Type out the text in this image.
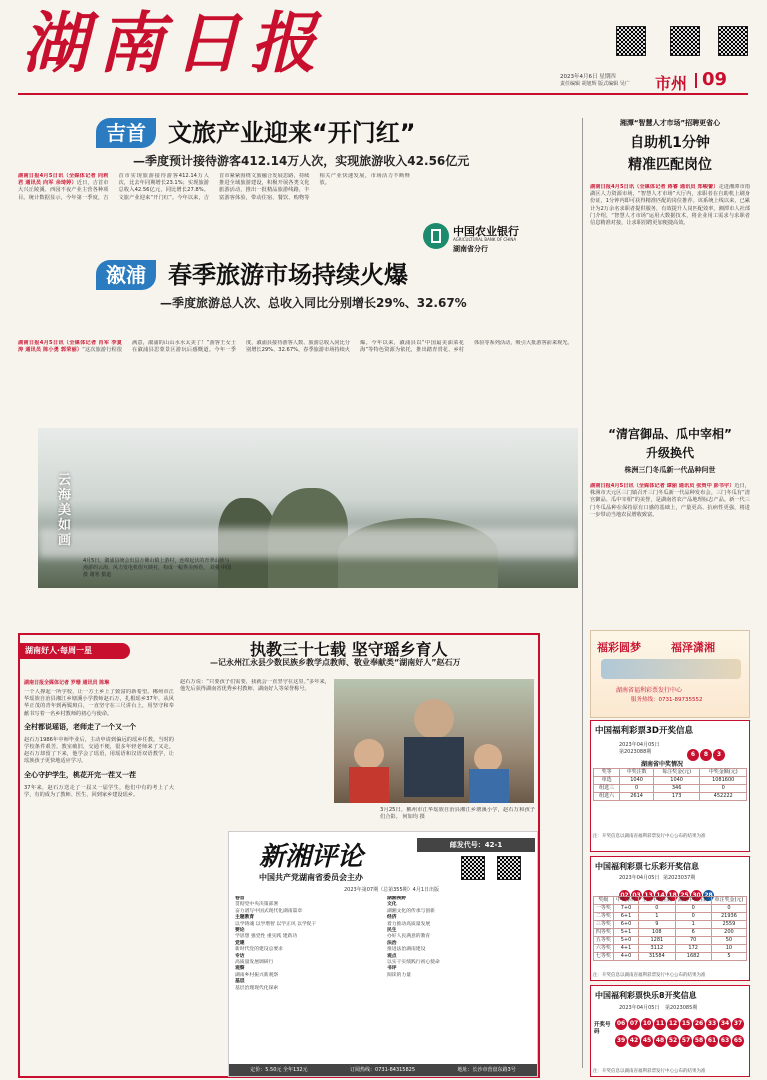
湖南日报	2023年4月6日 星期四
责任编辑 胡旭辉 版式编辑 吴广 市州 09
吉首 文旅产业迎来“开门红”
—季度预计接待游客412.14万人次，实现旅游收入42.56亿元
湖南日报4月5日讯（全媒体记者 向莉君 通讯员 向军 余琦婷）近日，吉首市大兴丘陵溪、西园不夜产业主营各种项目。统计数据显示，今年第一季度，吉首市实现旅游接待游客412.14万人次，比去年同期增长23.1%；实现旅游总收入42.56亿元，同比增长27.8%。文旅产业迎来“开门红”。今年以来，吉首市紧紧围绕文旅融合发展思路，持续推进全域旅游建设，积极开展各类文化旅游活动，推出一批精品旅游线路，丰富游客体验，带动住宿、餐饮、购物等相关产业快速发展，市场活力不断释放。
中国农业银行
AGRICULTURAL BANK OF CHINA
湖南省分行
溆浦 春季旅游市场持续火爆
—季度旅游总人次、总收入同比分别增长29%、32.67%
湖南日报4月5日讯（全媒体记者 肖军 李夏涛 通讯员 陈小勇 郭荣丽）“这次旅游行程很满意，溆浦的山山水水太美了！”游客王女士在溆浦县思蒙景区游玩后感慨道。今年一季度，溆浦县接待游客人数、旅游总收入同比分别增长29%、32.67%，春季旅游市场持续火爆。今年以来，溆浦县以“中国最美油菜花海”等特色资源为依托，推出踏青赏花、乡村体验等系列活动，吸引大批游客前来观光。
云海美如画
4月5日，溆浦县统会出县万佛山镇上游村，连绵起伏的青翠山岭与漫游的云海，风力发电机组互映衬，构成一幅秀美画卷。 刘强 中国摄 谢寒 摄道
湖南好人·每周一星	执教三十七载 坚守瑶乡育人
—记永州江永县少数民族乡教学点教师、敬业奉献类“湖南好人”赵石万
湖南日报全媒体记者 罗珊 通讯员 陈琳

一个人撑起一所学校，让一方土乡上了致富的新希望。郴州市江华瑶族自治县湘江乡塘溪小学教师赵石万，扎根瑶乡37年，从风华正茂的青年到两鬓斑白，一直坚守在三尺讲台上，用坚守和奉献书写着一名乡村教师的初心与使命。

全村都说瑶语，老师走了一个又一个

赵石万1986年中师毕业后，主动申请到偏远的瑶乡任教。当时的学校条件艰苦，教室破旧，交通不便，很多年轻老师来了又走。赵石万却留了下来，他学会了瑶语，用瑶语和汉语双语教学，让瑶族孩子更快地适应学习。

全心守护学生，桃花开完一茬又一茬

37年来，赵石万送走了一届又一届学生，他们中有的考上了大学，有的成为了教师、医生，回到家乡建设瑶乡。

赵石万说：“只要孩子们需要，我就会一直坚守在这里。”多年来，他先后获得湖南省优秀乡村教师、湖南好人等荣誉称号。

3月25日，郴州市江华瑶族自治县湘江乡塘溪小学，赵石万和孩子们合影。 何如均 摄
新湘评论	邮发代号：42-1
中国共产党湖南省委员会主办
2023年第07期（总第355期）4月1日出版
卷首
贯彻党中央决策部署
奋力谱写中国式现代化湖南篇章
主题教育
以学铸魂 以学增智 以学正风 以学促干
要论
学思想 强党性 重实践 建新功
党建
新时代党的建设总要求
专访
高质量发展调研行
观察
湖南乡村振兴新观察
基层
基层治理现代化探索
湖湘视野
文化
湖湘文化的传承与创新
经济
着力推动高质量发展
民生
办好人民满意的教育
法治
推进法治湖南建设
观点
以实干实绩践行初心使命
书评
阅读的力量
定价：5.50元 全年132元	订阅热线：0731-84315825	地址：长沙市营盘东路3号
湘潭“智慧人才市场”招聘更省心
自助机1分钟
精准匹配岗位
湖南日报4月5日讯（全媒体记者 蒋睿 通讯员 郑峻蕾）走进湘潭市雨湖区人力资源市场，“智慧人才市场”大厅内，求职者在自助机上刷身份证，1分钟内即可获得精准匹配的岗位推荐。该系统上线以来，已累计为2万余名求职者提供服务，有效提升人岗匹配效率。湘潭市人社部门介绍，“智慧人才市场”运用大数据技术，将企业用工需求与求职者信息精准对接，让求职招聘更加便捷高效。
“清宫御品、瓜中宰相”
升级换代
株洲三门冬瓜新一代品种问世
湖南日报4月5日讯（全媒体记者 谭丽 通讯员 张贵中 彭书宇）近日，株洲市天元区三门镇召开三门冬瓜新一代品种发布会。三门冬瓜有“清宫御品、瓜中宰相”的美誉，是湖南省农产品地理标志产品。新一代三门冬瓜品种在保持原有口感的基础上，产量更高、抗病性更强，将进一步带动当地农民增收致富。
福彩圆梦	福泽潇湘
湖南省福利彩票发行中心
服务热线：0731-89735552
中国福利彩票3D开奖信息
2023年04月05日
第2023088期	6 8 3
湖南省中奖情况
奖等	中奖注数	每注奖金(元)	中奖金额(元)
单选	1040	1040	1081600
组选三	0	346	0
组选六	2614	173	452222
注：开奖信息以湖南省福利彩票发行中心公布的结果为准
中国福利彩票七乐彩开奖信息
2023年04月05日 第2023037期
02 03 13 14 18 25 30 28
奖级	中奖条件	全国中奖注数	湖南中奖注数	单注奖金(元)
一等奖	7+0	0	0	0
二等奖	6+1	1	0	21936
三等奖	6+0	9	1	2559
四等奖	5+1	108	6	200
五等奖	5+0	1281	70	50
六等奖	4+1	3112	172	10
七等奖	4+0	31584	1682	5
注：开奖信息以湖南省福利彩票发行中心公布的结果为准
中国福利彩票快乐8开奖信息
2023年04月05日 第2023085期
开奖号码
06 07 10 11 12 15 26 33 34 3739 42 45 48 52 57 58 61 63 65
注：开奖信息以湖南省福利彩票发行中心公布的结果为准
